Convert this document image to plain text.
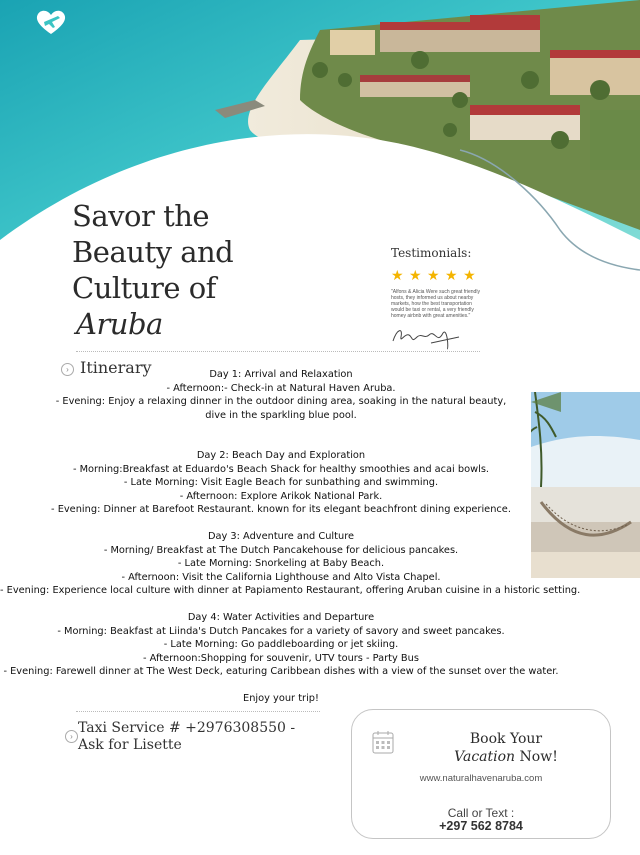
Savor the
Beauty and
Culture of
Aruba
Testimonials:
★ ★ ★ ★ ★
"Alfons & Alicia Were such great friendly hosts, they informed us about nearby markets, how the best transportation would be taxi or rental, a very friendly homey airbnb with great amenities."
› Itinerary	Day 1: Arrival and Relaxation
- Afternoon:- Check-in at Natural Haven Aruba.
- Evening: Enjoy a relaxing dinner in the outdoor dining area, soaking in the natural beauty,
dive in the sparkling blue pool.
Day 2: Beach Day and Exploration
- Morning:Breakfast at Eduardo's Beach Shack for healthy smoothies and acai bowls.
- Late Morning: Visit Eagle Beach for sunbathing and swimming.
- Afternoon: Explore Arikok National Park.
- Evening: Dinner at Barefoot Restaurant. known for its elegant beachfront dining experience.
Day 3: Adventure and Culture
- Morning/ Breakfast at The Dutch Pancakehouse for delicious pancakes.
- Late Morning: Snorkeling at Baby Beach.
- Afternoon: Visit the California Lighthouse and Alto Vista Chapel.
- Evening: Experience local culture with dinner at Papiamento Restaurant, offering Aruban cuisine in a historic setting.
Day 4: Water Activities and Departure
- Morning: Beakfast at Liinda's Dutch Pancakes for a variety of savory and sweet pancakes.
- Late Morning: Go paddleboarding or jet skiing.
- Afternoon:Shopping for souvenir, UTV tours - Party Bus
- Evening: Farewell dinner at The West Deck, eaturing Caribbean dishes with a view of the sunset over the water.
Enjoy your trip!
›
Taxi Service # +2976308550 -
Ask for Lisette	Book Your
Vacation Now!
www.naturalhavenaruba.com
Call or Text :
+297 562 8784
